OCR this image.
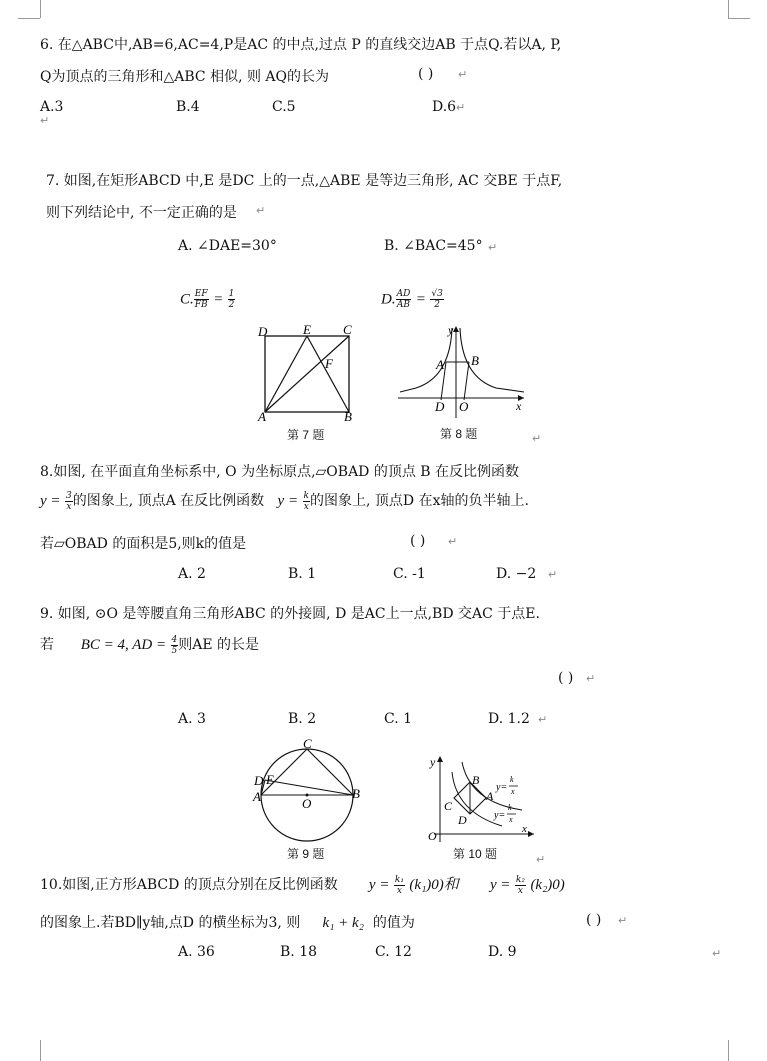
6. 在△ABC中,AB=6,AC=4,P是AC 的中点,过点 P 的直线交边AB 于点Q.若以A, P,
Q为顶点的三角形和△ABC 相似, 则 AQ的长为	( ) ↵
A.3	B.4	C.5	D.6 ↵
↵
7. 如图,在矩形ABCD 中,E 是DC 上的一点,△ABE 是等边三角形, AC 交BE 于点F,
则下列结论中, 不一定正确的是 ↵
A. ∠DAE=30°	B. ∠BAC=45° ↵
C. $\frac{EF}{FB} = \frac{1}{2}$	D. $\frac{AD}{AB} = \frac{√3}{2}$
D	E C
F
A	B
第 7 题
y
A B
D O	x
第 8 题	↵
8.如图, 在平面直角坐标系中, O 为坐标原点,▱OBAD 的顶点 B 在反比例函数
$y = \frac{3}{x}$ 的图象上, 顶点A 在反比例函数 $y = \frac{k}{x}$ 的图象上, 顶点D 在x轴的负半轴上.
若▱OBAD 的面积是5,则k的值是	( ) ↵
A. 2	B. 1	C. -1	D. −2 ↵
9. 如图, ⊙O 是等腰直角三角形ABC 的外接圆, D 是AC上一点,BD 交AC 于点E.
若 BC = 4, AD = $\frac{4}{5}$ 则AE 的长是
( ) ↵
A. 3	B. 2	C. 1	D. 1.2 ↵
C
D E
A	B
O
第 9 题
y
B
C
A
D
O	x
y=
k
x
y=
k
x
第 10 题	↵
10.如图,正方形ABCD 的顶点分别在反比例函数 $y = \frac{\text{k₁}}{x} (k_1)0$)和 $y = \frac{\text{k₂}}{x} (k_2)0$)
的图象上.若BD∥y轴,点D 的横坐标为3, 则 k₁ + k₂ 的值为	( ) ↵
A. 36	B. 18	C. 12	D. 9	↵
